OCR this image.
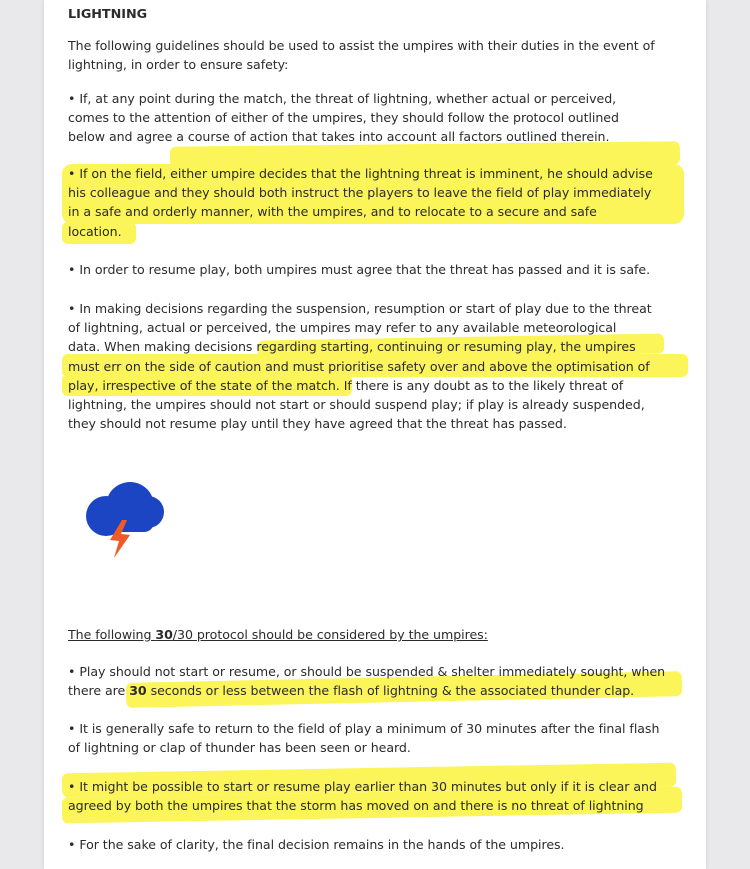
LIGHTNING
The following guidelines should be used to assist the umpires with their duties in the event of
lightning, in order to ensure safety:
• If, at any point during the match, the threat of lightning, whether actual or perceived,
comes to the attention of either of the umpires, they should follow the protocol outlined
below and agree a course of action that takes into account all factors outlined therein.
• If on the field, either umpire decides that the lightning threat is imminent, he should advise
his colleague and they should both instruct the players to leave the field of play immediately
in a safe and orderly manner, with the umpires, and to relocate to a secure and safe
location.
• In order to resume play, both umpires must agree that the threat has passed and it is safe.
• In making decisions regarding the suspension, resumption or start of play due to the threat
of lightning, actual or perceived, the umpires may refer to any available meteorological
data. When making decisions regarding starting, continuing or resuming play, the umpires
must err on the side of caution and must prioritise safety over and above the optimisation of
play, irrespective of the state of the match. If there is any doubt as to the likely threat of
lightning, the umpires should not start or should suspend play; if play is already suspended,
they should not resume play until they have agreed that the threat has passed.
The following 30/30 protocol should be considered by the umpires:
• Play should not start or resume, or should be suspended & shelter immediately sought, when
there are 30 seconds or less between the flash of lightning & the associated thunder clap.
• It is generally safe to return to the field of play a minimum of 30 minutes after the final flash
of lightning or clap of thunder has been seen or heard.
• It might be possible to start or resume play earlier than 30 minutes but only if it is clear and
agreed by both the umpires that the storm has moved on and there is no threat of lightning
• For the sake of clarity, the final decision remains in the hands of the umpires.
